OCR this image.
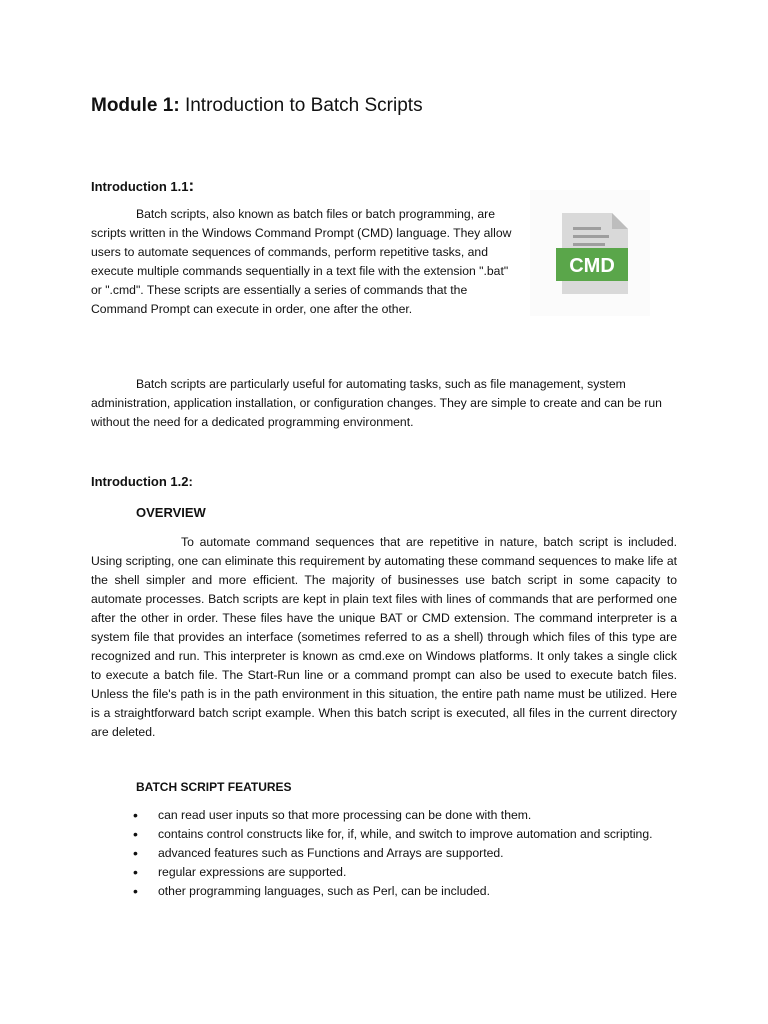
Module 1: Introduction to Batch Scripts
Introduction 1.1:

Batch scripts, also known as batch files or batch programming, are scripts written in the Windows Command Prompt (CMD) language. They allow users to automate sequences of commands, perform repetitive tasks, and execute multiple commands sequentially in a text file with the extension ".bat" or ".cmd". These scripts are essentially a series of commands that the Command Prompt can execute in order, one after the other.

CMD

Batch scripts are particularly useful for automating tasks, such as file management, system administration, application installation, or configuration changes. They are simple to create and can be run without the need for a dedicated programming environment.

Introduction 1.2:
OVERVIEW

To automate command sequences that are repetitive in nature, batch script is included. Using scripting, one can eliminate this requirement by automating these command sequences to make life at the shell simpler and more efficient. The majority of businesses use batch script in some capacity to automate processes. Batch scripts are kept in plain text files with lines of commands that are performed one after the other in order. These files have the unique BAT or CMD extension. The command interpreter is a system file that provides an interface (sometimes referred to as a shell) through which files of this type are recognized and run. This interpreter is known as cmd.exe on Windows platforms. It only takes a single click to execute a batch file. The Start-Run line or a command prompt can also be used to execute batch files. Unless the file's path is in the path environment in this situation, the entire path name must be utilized. Here is a straightforward batch script example. When this batch script is executed, all files in the current directory are deleted.

BATCH SCRIPT FEATURES
• can read user inputs so that more processing can be done with them.
• contains control constructs like for, if, while, and switch to improve automation and scripting.
• advanced features such as Functions and Arrays are supported.
• regular expressions are supported.
• other programming languages, such as Perl, can be included.
